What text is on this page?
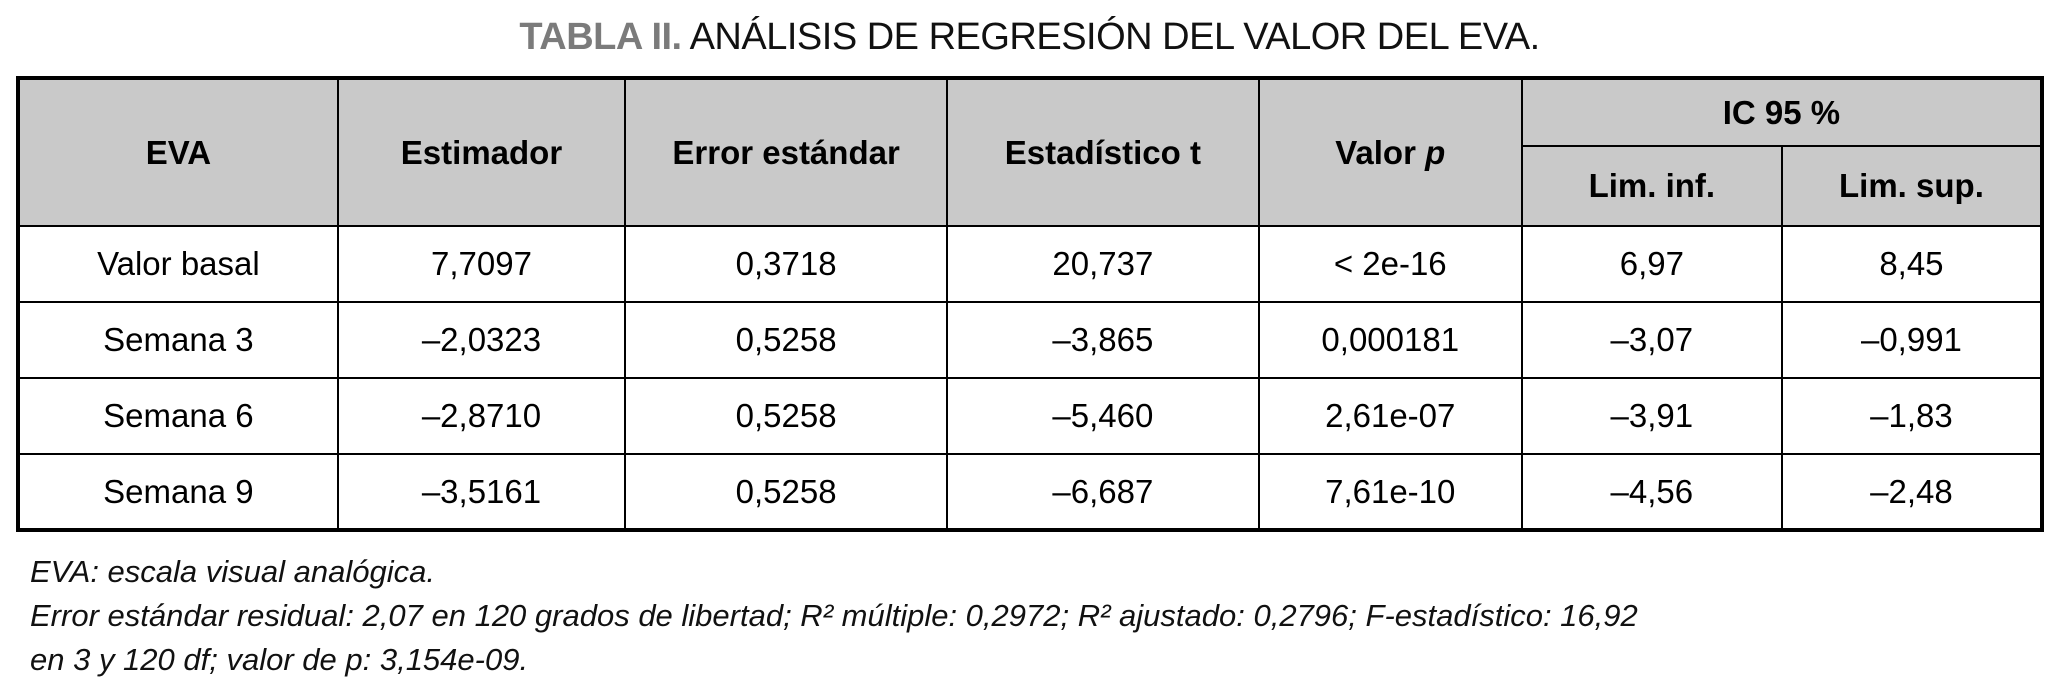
TABLA II. ANÁLISIS DE REGRESIÓN DEL VALOR DEL EVA.
EVA	Estimador	Error estándar	Estadístico t	Valor p	IC 95 %	
					Lim. inf.	Lim. sup.
Valor basal	7,7097	0,3718	20,737	< 2e-16	6,97	8,45
Semana 3	–2,0323	0,5258	–3,865	0,000181	–3,07	–0,991
Semana 6	–2,8710	0,5258	–5,460	2,61e-07	–3,91	–1,83
Semana 9	–3,5161	0,5258	–6,687	7,61e-10	–4,56	–2,48
EVA: escala visual analógica.
Error estándar residual: 2,07 en 120 grados de libertad; R² múltiple: 0,2972; R² ajustado: 0,2796; F-estadístico: 16,92
en 3 y 120 df; valor de p: 3,154e-09.
